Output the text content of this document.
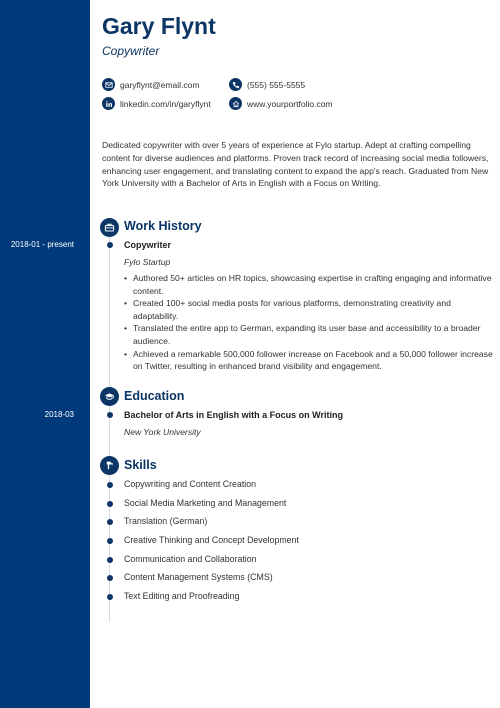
2018-01 - present
2018-03
Gary Flynt
Copywriter
garyflynt@email.com	(555) 555-5555
linkedin.com/in/garyflynt	www.yourportfolio.com

Dedicated copywriter with over 5 years of experience at Fylo startup. Adept at crafting compelling content for diverse audiences and platforms. Proven track record of increasing social media followers, enhancing user engagement, and translating content to expand the app's reach. Graduated from New York University with a Bachelor of Arts in English with a Focus on Writing.

Work History
Copywriter
Fylo Startup
• Authored 50+ articles on HR topics, showcasing expertise in crafting engaging and informative content.
• Created 100+ social media posts for various platforms, demonstrating creativity and adaptability.
• Translated the entire app to German, expanding its user base and accessibility to a broader audience.
• Achieved a remarkable 500,000 follower increase on Facebook and a 50,000 follower increase on Twitter, resulting in enhanced brand visibility and engagement.
Education
Bachelor of Arts in English with a Focus on Writing
New York University
Skills
Copywriting and Content Creation
Social Media Marketing and Management
Translation (German)
Creative Thinking and Concept Development
Communication and Collaboration
Content Management Systems (CMS)
Text Editing and Proofreading
